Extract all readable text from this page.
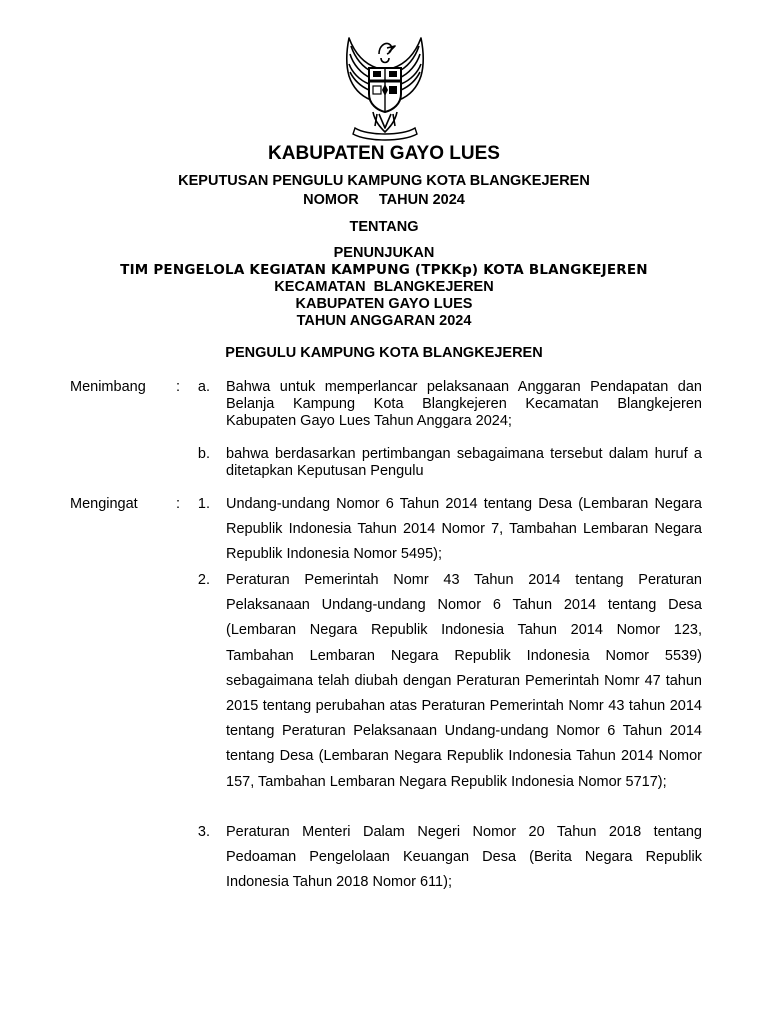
KABUPATEN GAYO LUES
KEPUTUSAN PENGULU KAMPUNG KOTA BLANGKEJEREN
NOMOR     TAHUN 2024
TENTANG
PENUNJUKAN
TIM PENGELOLA KEGIATAN KAMPUNG (TPKKp) KOTA BLANGKEJEREN
KECAMATAN  BLANGKEJEREN
KABUPATEN GAYO LUES
TAHUN ANGGARAN 2024
PENGULU KAMPUNG KOTA BLANGKEJEREN
Menimbang :	a. Bahwa untuk memperlancar pelaksanaan Anggaran Pendapatan dan Belanja Kampung Kota Blangkejeren Kecamatan Blangkejeren Kabupaten Gayo Lues Tahun Anggara 2024;
b. bahwa berdasarkan pertimbangan sebagaimana tersebut dalam huruf a ditetapkan Keputusan Pengulu
Mengingat	:	1. Undang-undang Nomor 6 Tahun 2014 tentang Desa (Lembaran Negara Republik Indonesia Tahun 2014 Nomor 7, Tambahan Lembaran Negara Republik Indonesia Nomor 5495);
2. Peraturan Pemerintah Nomr 43 Tahun 2014 tentang Peraturan Pelaksanaan Undang-undang Nomor 6 Tahun 2014 tentang Desa (Lembaran Negara Republik Indonesia Tahun 2014 Nomor 123, Tambahan Lembaran Negara Republik Indonesia Nomor 5539) sebagaimana telah diubah dengan Peraturan Pemerintah Nomr 47 tahun 2015 tentang perubahan atas Peraturan Pemerintah Nomr 43 tahun 2014 tentang Peraturan Pelaksanaan Undang-undang Nomor 6 Tahun 2014 tentang Desa (Lembaran Negara Republik Indonesia Tahun 2014 Nomor 157, Tambahan Lembaran Negara Republik Indonesia Nomor 5717);
3. Peraturan Menteri Dalam Negeri Nomor 20 Tahun 2018 tentang Pedoaman Pengelolaan Keuangan Desa (Berita Negara Republik Indonesia Tahun 2018 Nomor 611);
